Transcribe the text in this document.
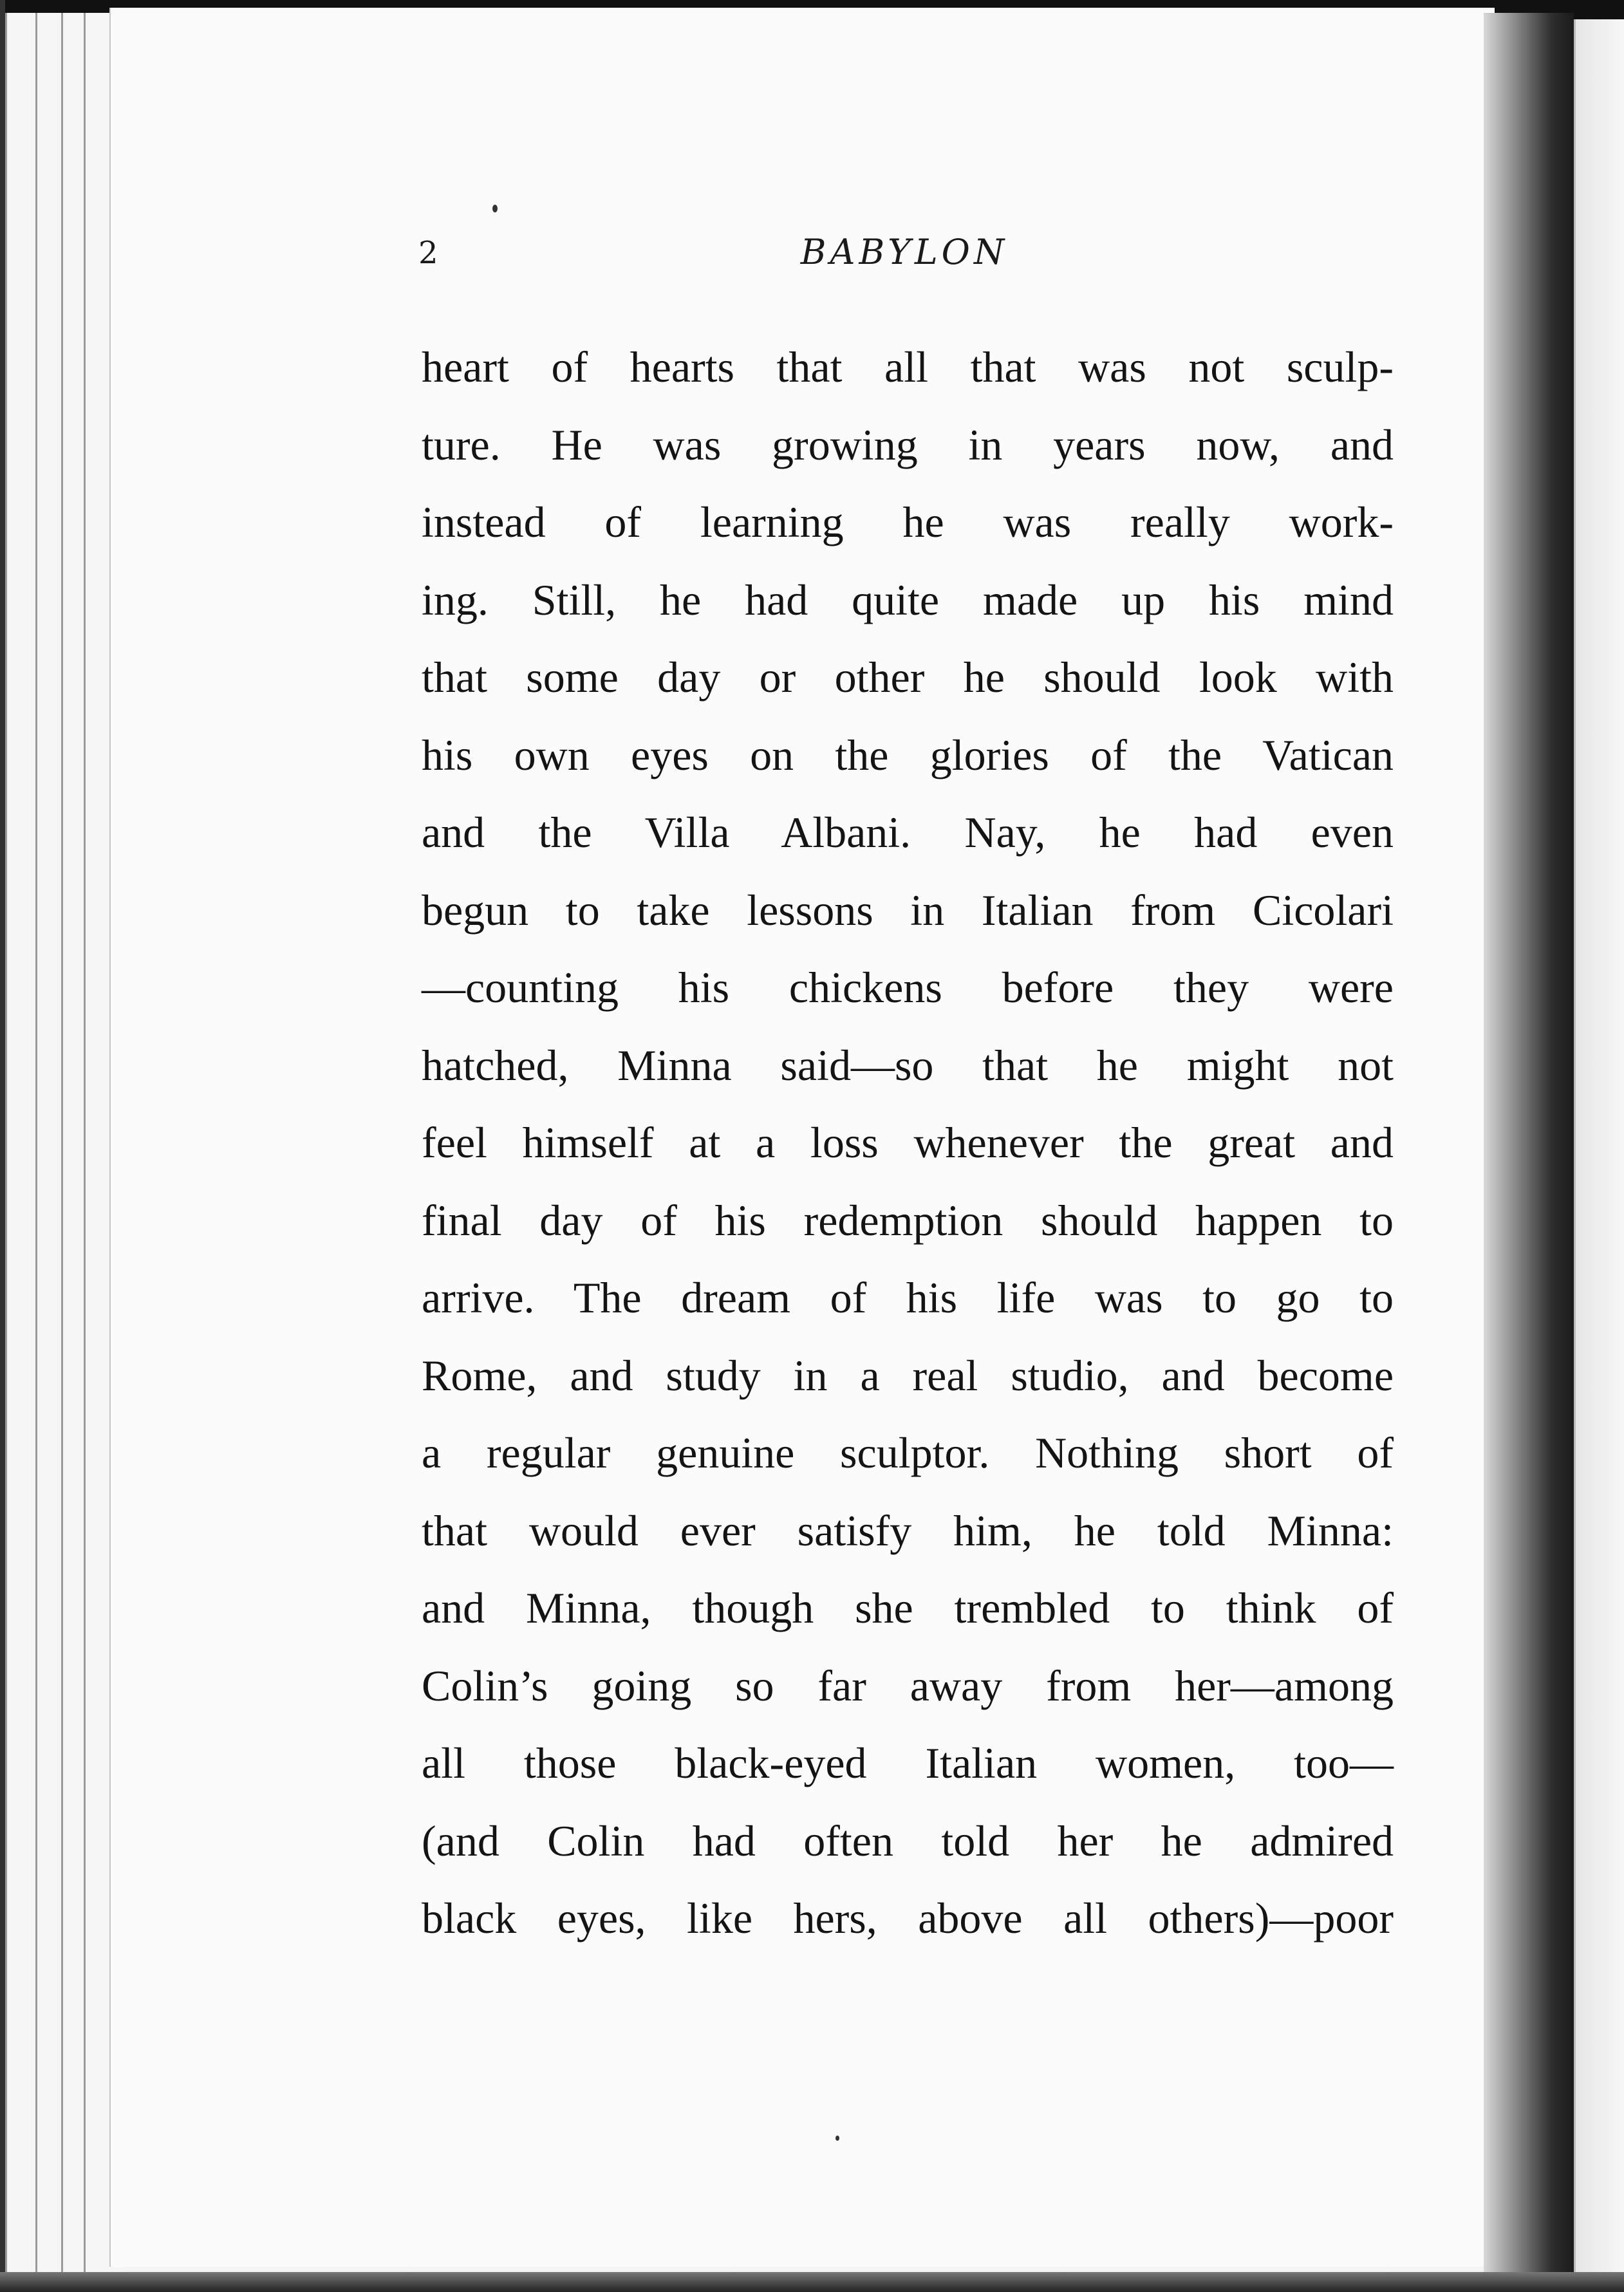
2	BABYLON
heart of hearts that all that was not sculp-
ture. He was growing in years now, and
instead of learning he was really work-
ing. Still, he had quite made up his mind
that some day or other he should look with
his own eyes on the glories of the Vatican
and the Villa Albani. Nay, he had even
begun to take lessons in Italian from Cicolari
—counting his chickens before they were
hatched, Minna said—so that he might not
feel himself at a loss whenever the great and
final day of his redemption should happen to
arrive. The dream of his life was to go to
Rome, and study in a real studio, and become
a regular genuine sculptor. Nothing short of
that would ever satisfy him, he told Minna:
and Minna, though she trembled to think of
Colin’s going so far away from her—among
all those black-eyed Italian women, too—
(and Colin had often told her he admired
black eyes, like hers, above all others)—poor
